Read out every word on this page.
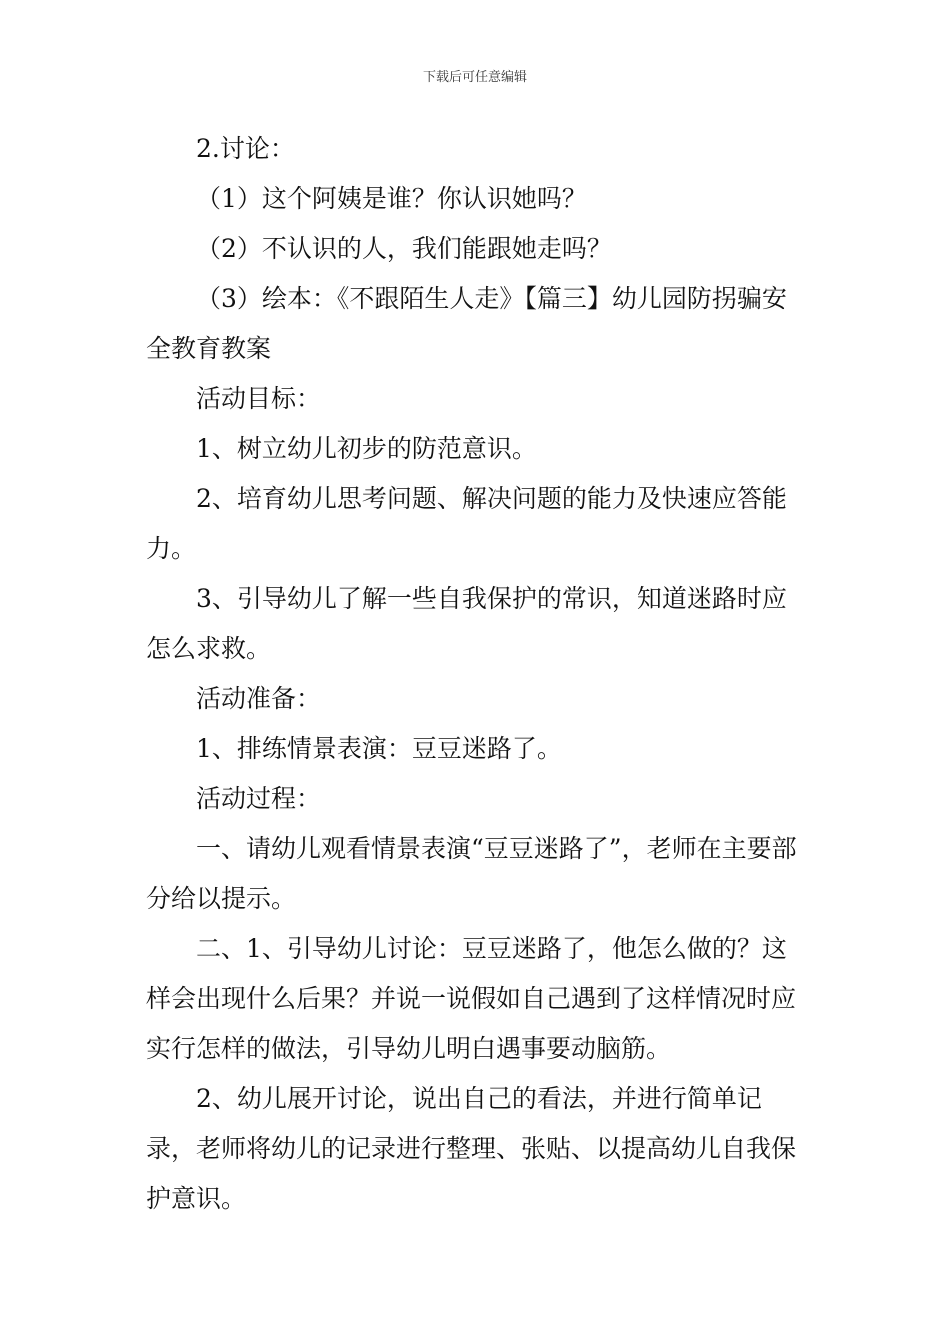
下载后可任意编辑

2.讨论：

（1）这个阿姨是谁？你认识她吗？

（2）不认识的人，我们能跟她走吗？

（3）绘本：《不跟陌生人走》【篇三】幼儿园防拐骗安全教育教案

活动目标：

1、树立幼儿初步的防范意识。

2、培育幼儿思考问题、解决问题的能力及快速应答能力。

3、引导幼儿了解一些自我保护的常识，知道迷路时应怎么求救。

活动准备：

1、排练情景表演：豆豆迷路了。

活动过程：

一、请幼儿观看情景表演“豆豆迷路了”，老师在主要部分给以提示。

二、1、引导幼儿讨论：豆豆迷路了，他怎么做的？这样会出现什么后果？并说一说假如自己遇到了这样情况时应实行怎样的做法，引导幼儿明白遇事要动脑筋。

2、幼儿展开讨论，说出自己的看法，并进行简单记录，老师将幼儿的记录进行整理、张贴、以提高幼儿自我保护意识。
